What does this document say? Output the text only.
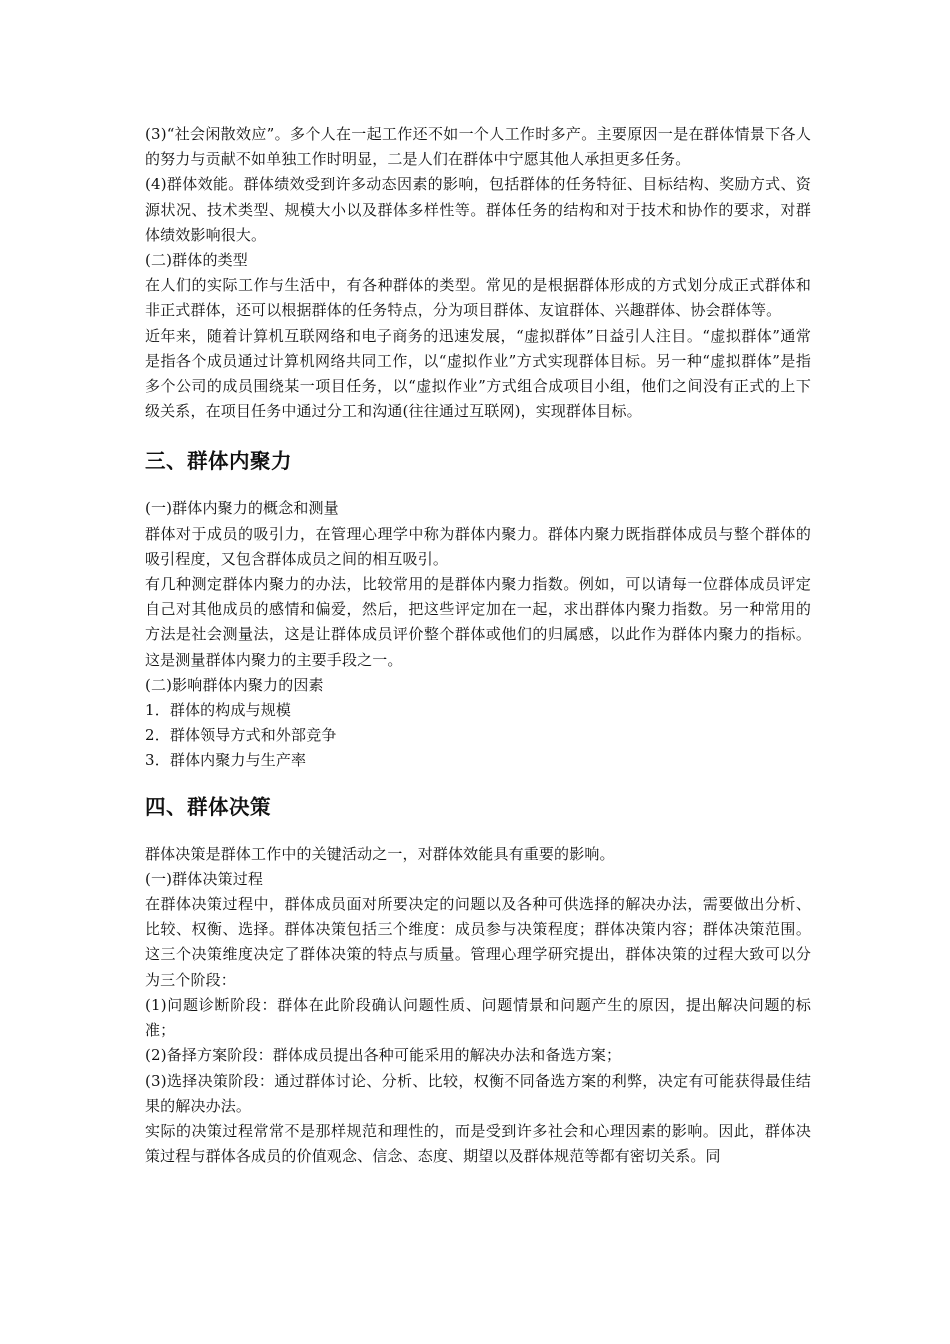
(3)“社会闲散效应”。多个人在一起工作还不如一个人工作时多产。主要原因一是在群体情景下各人的努力与贡献不如单独工作时明显，二是人们在群体中宁愿其他人承担更多任务。

(4)群体效能。群体绩效受到许多动态因素的影响，包括群体的任务特征、目标结构、奖励方式、资源状况、技术类型、规模大小以及群体多样性等。群体任务的结构和对于技术和协作的要求，对群体绩效影响很大。

(二)群体的类型

在人们的实际工作与生活中，有各种群体的类型。常见的是根据群体形成的方式划分成正式群体和非正式群体，还可以根据群体的任务特点，分为项目群体、友谊群体、兴趣群体、协会群体等。

近年来，随着计算机互联网络和电子商务的迅速发展，“虚拟群体”日益引人注目。“虚拟群体”通常是指各个成员通过计算机网络共同工作，以“虚拟作业”方式实现群体目标。另一种“虚拟群体”是指多个公司的成员围绕某一项目任务，以“虚拟作业”方式组合成项目小组，他们之间没有正式的上下级关系，在项目任务中通过分工和沟通(往往通过互联网)，实现群体目标。

三、群体内聚力

(一)群体内聚力的概念和测量

群体对于成员的吸引力，在管理心理学中称为群体内聚力。群体内聚力既指群体成员与整个群体的吸引程度，又包含群体成员之间的相互吸引。

有几种测定群体内聚力的办法，比较常用的是群体内聚力指数。例如，可以请每一位群体成员评定自己对其他成员的感情和偏爱，然后，把这些评定加在一起，求出群体内聚力指数。另一种常用的方法是社会测量法，这是让群体成员评价整个群体或他们的归属感，以此作为群体内聚力的指标。这是测量群体内聚力的主要手段之一。

(二)影响群体内聚力的因素

1．群体的构成与规模

2．群体领导方式和外部竞争

3．群体内聚力与生产率

四、群体决策

群体决策是群体工作中的关键活动之一，对群体效能具有重要的影响。

(一)群体决策过程

在群体决策过程中，群体成员面对所要决定的问题以及各种可供选择的解决办法，需要做出分析、比较、权衡、选择。群体决策包括三个维度：成员参与决策程度；群体决策内容；群体决策范围。这三个决策维度决定了群体决策的特点与质量。管理心理学研究提出，群体决策的过程大致可以分为三个阶段：

(1)问题诊断阶段：群体在此阶段确认问题性质、问题情景和问题产生的原因，提出解决问题的标准；

(2)备择方案阶段：群体成员提出各种可能采用的解决办法和备选方案；

(3)选择决策阶段：通过群体讨论、分析、比较，权衡不同备选方案的利弊，决定有可能获得最佳结果的解决办法。

实际的决策过程常常不是那样规范和理性的，而是受到许多社会和心理因素的影响。因此，群体决策过程与群体各成员的价值观念、信念、态度、期望以及群体规范等都有密切关系。同
